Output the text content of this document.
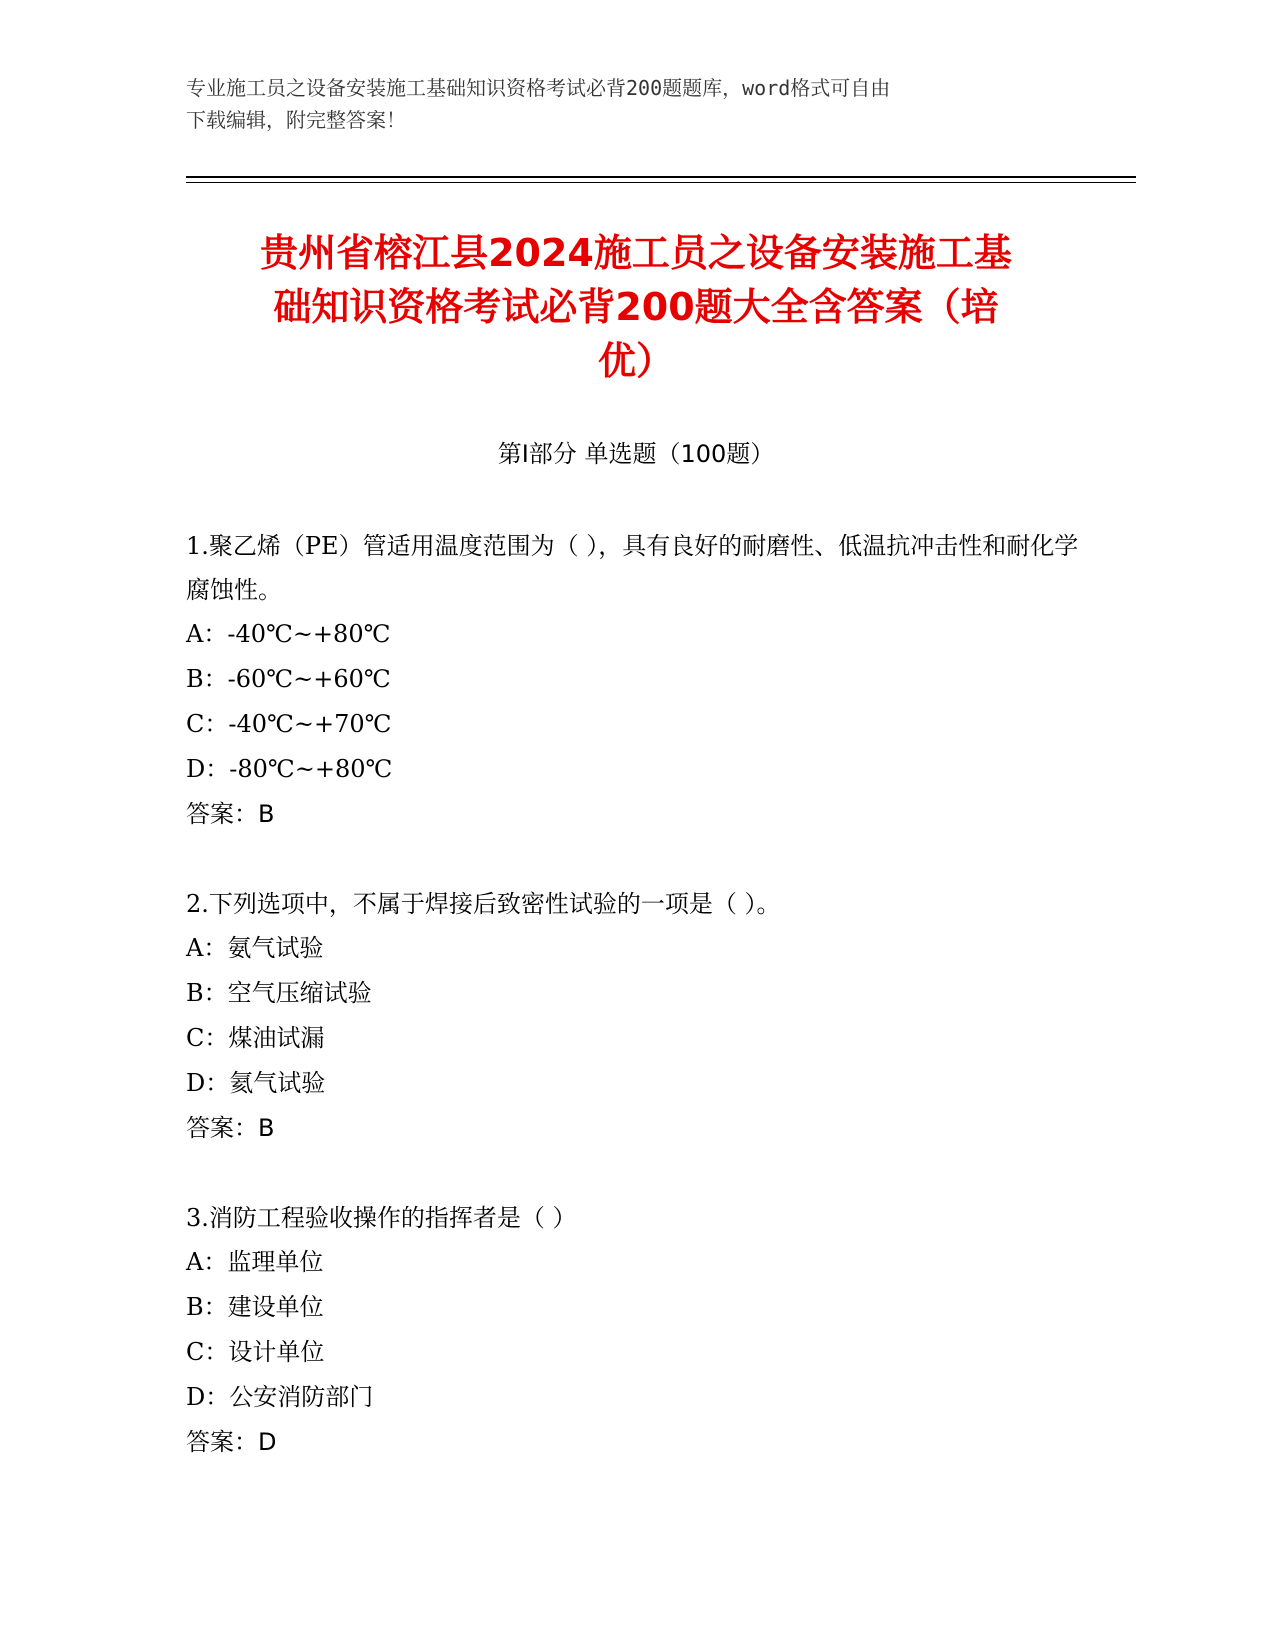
专业施工员之设备安装施工基础知识资格考试必背200题题库，word格式可自由
下载编辑，附完整答案！
贵州省榕江县2024施工员之设备安装施工基
础知识资格考试必背200题大全含答案（培
优）
第I部分 单选题（100题）
1.聚乙烯（PE）管适用温度范围为（ ），具有良好的耐磨性、低温抗冲击性和耐化学腐蚀性。
A：-40℃~+80℃
B：-60℃~+60℃
C：-40℃~+70℃
D：-80℃~+80℃
答案：B
2.下列选项中，不属于焊接后致密性试验的一项是（ ）。
A：氨气试验
B：空气压缩试验
C：煤油试漏
D：氦气试验
答案：B
3.消防工程验收操作的指挥者是（ ）
A：监理单位
B：建设单位
C：设计单位
D：公安消防部门
答案：D
